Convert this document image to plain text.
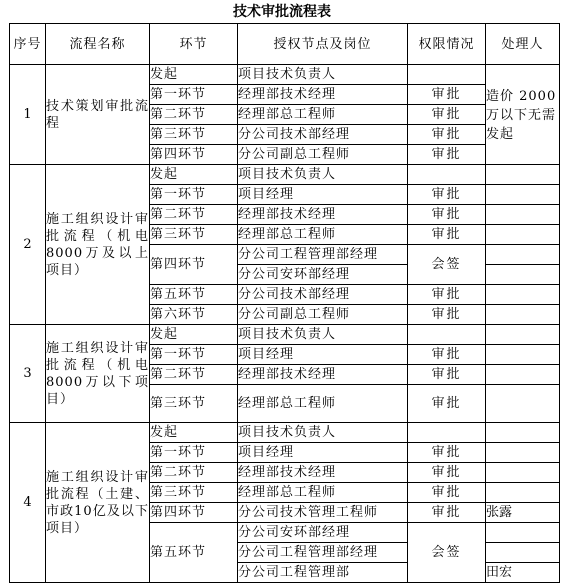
技术审批流程表
序号	流程名称	环节	授权节点及岗位	权限情况	处理人
1	技术策划审批流程	发起	项目技术负责人		造价 2000万以下无需发起
		第一环节	经理部技术经理	审批	
		第二环节	经理部总工程师	审批	
		第三环节	分公司技术部经理	审批	
		第四环节	分公司副总工程师	审批	
2	施工组织设计审批流程（机电8000万及以上项目）	发起	项目技术负责人		
		第一环节	项目经理	审批	
		第二环节	经理部技术经理	审批	
		第三环节	经理部总工程师	审批	
		第四环节	分公司工程管理部经理	会签	
			分公司安环部经理		
		第五环节	分公司技术部经理	审批	
		第六环节	分公司副总工程师	审批	
3	施工组织设计审批流程（机电8000万以下项目）	发起	项目技术负责人		
		第一环节	项目经理	审批	
		第二环节	经理部技术经理	审批	
		第三环节	经理部总工程师	审批	
4	施工组织设计审批流程（土建、市政10亿及以下项目）	发起	项目技术负责人		
		第一环节	项目经理	审批	
		第二环节	经理部技术经理	审批	
		第三环节	经理部总工程师	审批	
		第四环节	分公司技术管理工程师	审批	张露
		第五环节	分公司安环部经理	会签	
			分公司工程管理部经理		
			分公司工程管理部		田宏
